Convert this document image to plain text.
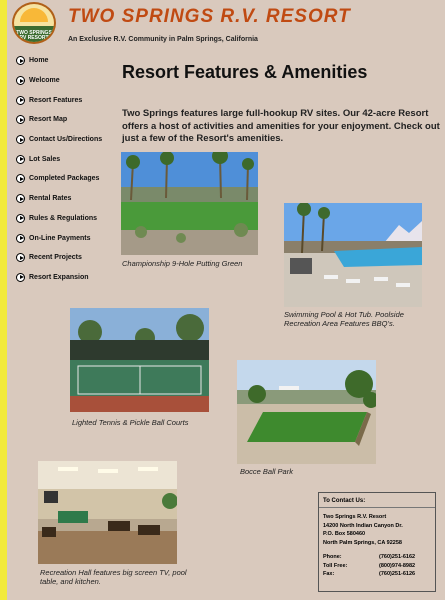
TWO SPRINGS RV RESORT
TWO SPRINGS R.V. RESORT
An Exclusive R.V. Community in Palm Springs, California
Home
Welcome
Resort Features
Resort Map
Contact Us/Directions
Lot Sales
Completed Packages
Rental Rates
Rules & Regulations
On-Line Payments
Recent Projects
Resort Expansion
Resort Features & Amenities
Two Springs features large full-hookup RV sites. Our 42-acre Resort offers a host of activities and amenities for your enjoyment. Check out just a few of the Resort's amenities.
Championship 9-Hole Putting Green
Swimming Pool & Hot Tub. Poolside Recreation Area Features BBQ's.
Lighted Tennis & Pickle Ball Courts
Bocce Ball Park
Recreation Hall features big screen TV, pool table, and kitchen.
To Contact Us:
Two Springs R.V. Resort
14200 North Indian Canyon Dr.
P.O. Box 580460
North Palm Springs, CA 92258
Phone:	(760)251-6162
Toll Free:	(800)974-8982
Fax:	(760)251-6126
